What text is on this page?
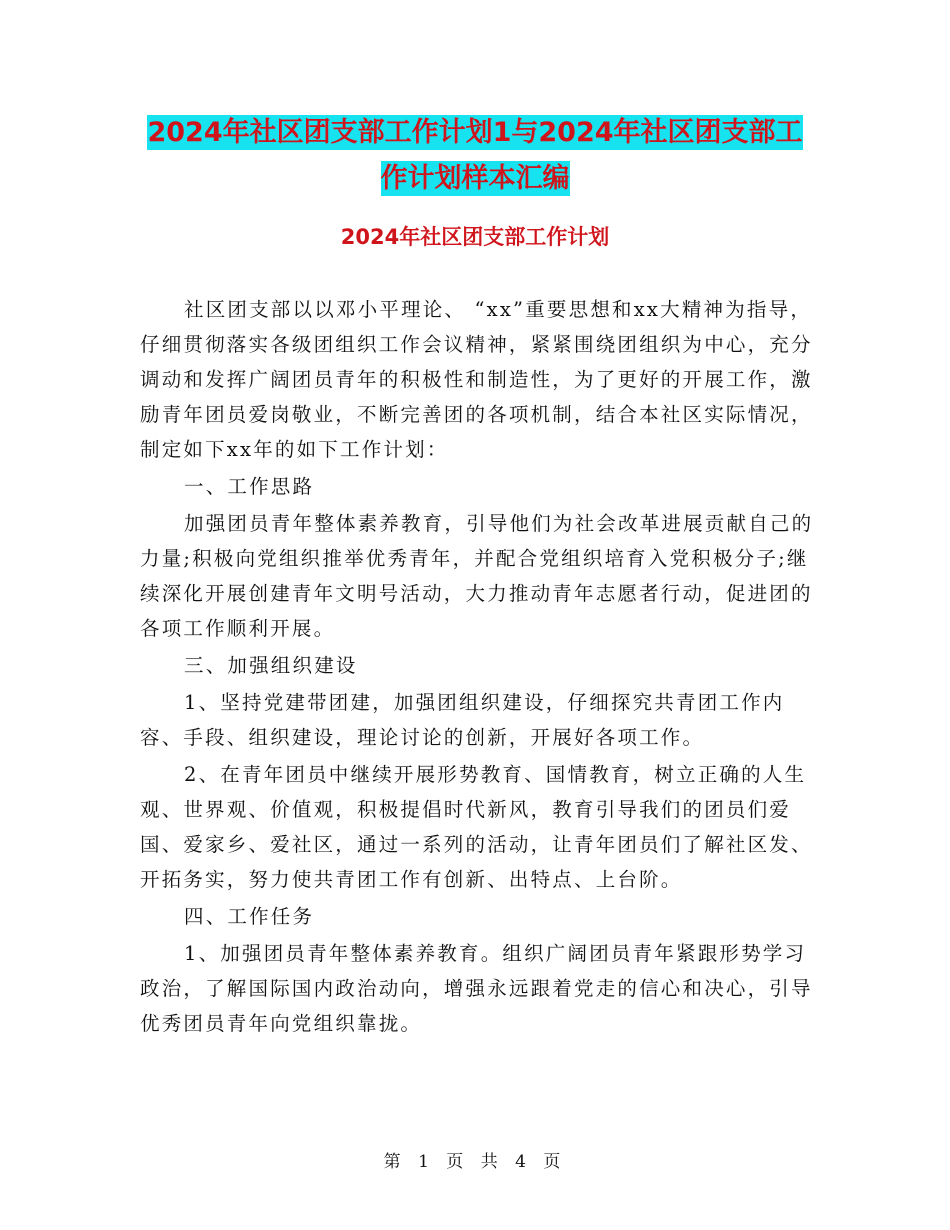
2024年社区团支部工作计划1与2024年社区团支部工
作计划样本汇编
2024年社区团支部工作计划

社区团支部以以邓小平理论、 “xx”重要思想和xx大精神为指导，仔细贯彻落实各级团组织工作会议精神，紧紧围绕团组织为中心，充分调动和发挥广阔团员青年的积极性和制造性，为了更好的开展工作，激励青年团员爱岗敬业，不断完善团的各项机制，结合本社区实际情况，制定如下xx年的如下工作计划：

一、工作思路

加强团员青年整体素养教育，引导他们为社会改革进展贡献自己的力量;积极向党组织推举优秀青年，并配合党组织培育入党积极分子;继续深化开展创建青年文明号活动，大力推动青年志愿者行动，促进团的各项工作顺利开展。

三、加强组织建设

1、坚持党建带团建，加强团组织建设，仔细探究共青团工作内容、手段、组织建设，理论讨论的创新，开展好各项工作。

2、在青年团员中继续开展形势教育、国情教育，树立正确的人生观、世界观、价值观，积极提倡时代新风，教育引导我们的团员们爱国、爱家乡、爱社区，通过一系列的活动，让青年团员们了解社区发、开拓务实，努力使共青团工作有创新、出特点、上台阶。

四、工作任务

1、加强团员青年整体素养教育。组织广阔团员青年紧跟形势学习政治，了解国际国内政治动向，增强永远跟着党走的信心和决心，引导优秀团员青年向党组织靠拢。

第 1 页 共 4 页
